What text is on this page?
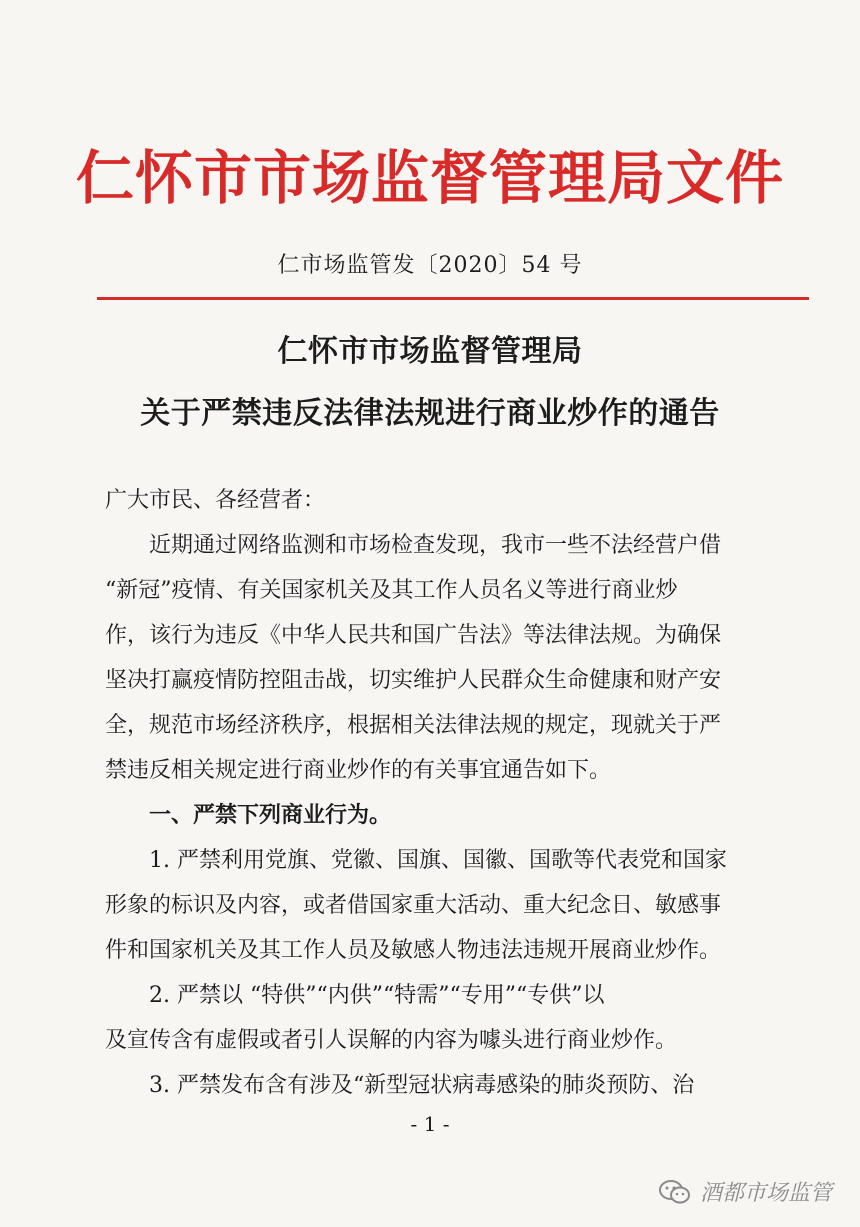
仁怀市市场监督管理局文件
仁市场监管发〔2020〕54 号
仁怀市市场监督管理局
关于严禁违反法律法规进行商业炒作的通告
广大市民、各经营者：
近期通过网络监测和市场检查发现，我市一些不法经营户借
“新冠”疫情、有关国家机关及其工作人员名义等进行商业炒
作，该行为违反《中华人民共和国广告法》等法律法规。为确保
坚决打赢疫情防控阻击战，切实维护人民群众生命健康和财产安
全，规范市场经济秩序，根据相关法律法规的规定，现就关于严
禁违反相关规定进行商业炒作的有关事宜通告如下。
一、严禁下列商业行为。
1. 严禁利用党旗、党徽、国旗、国徽、国歌等代表党和国家
形象的标识及内容，或者借国家重大活动、重大纪念日、敏感事
件和国家机关及其工作人员及敏感人物违法违规开展商业炒作。
2. 严禁以 “特供”“内供”“特需”“专用”“专供”以
及宣传含有虚假或者引人误解的内容为噱头进行商业炒作。
3. 严禁发布含有涉及“新型冠状病毒感染的肺炎预防、治
- 1 -
酒都市场监管
